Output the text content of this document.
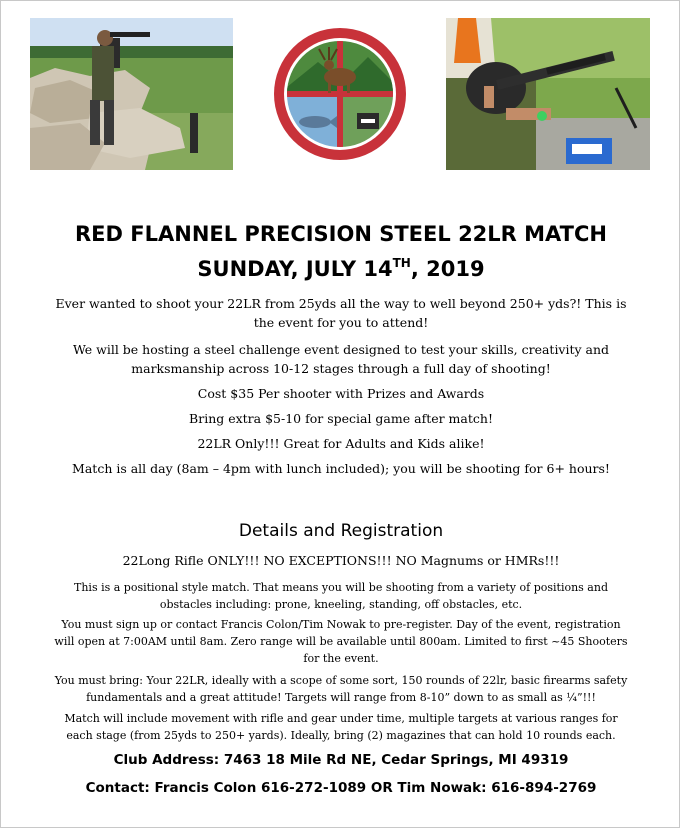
RED FLANNEL PRECISION STEEL 22LR MATCH
SUNDAY, JULY 14TH, 2019
Ever wanted to shoot your 22LR from 25yds all the way to well beyond 250+ yds?! This is
the event for you to attend!
We will be hosting a steel challenge event designed to test your skills, creativity and
marksmanship across 10-12 stages through a full day of shooting!
Cost $35 Per shooter with Prizes and Awards
Bring extra $5-10 for special game after match!
22LR Only!!! Great for Adults and Kids alike!
Match is all day (8am – 4pm with lunch included); you will be shooting for 6+ hours!
Details and Registration
22Long Rifle ONLY!!! NO EXCEPTIONS!!! NO Magnums or HMRs!!!
This is a positional style match. That means you will be shooting from a variety of positions and
obstacles including: prone, kneeling, standing, off obstacles, etc.
You must sign up or contact Francis Colon/Tim Nowak to pre-register. Day of the event, registration
will open at 7:00AM until 8am. Zero range will be available until 800am. Limited to first ~45 Shooters
for the event.
You must bring: Your 22LR, ideally with a scope of some sort, 150 rounds of 22lr, basic firearms safety
fundamentals and a great attitude! Targets will range from 8-10” down to as small as ¼”!!!
Match will include movement with rifle and gear under time, multiple targets at various ranges for
each stage (from 25yds to 250+ yards). Ideally, bring (2) magazines that can hold 10 rounds each.
Club Address: 7463 18 Mile Rd NE, Cedar Springs, MI 49319
Contact: Francis Colon 616-272-1089 OR Tim Nowak: 616-894-2769
